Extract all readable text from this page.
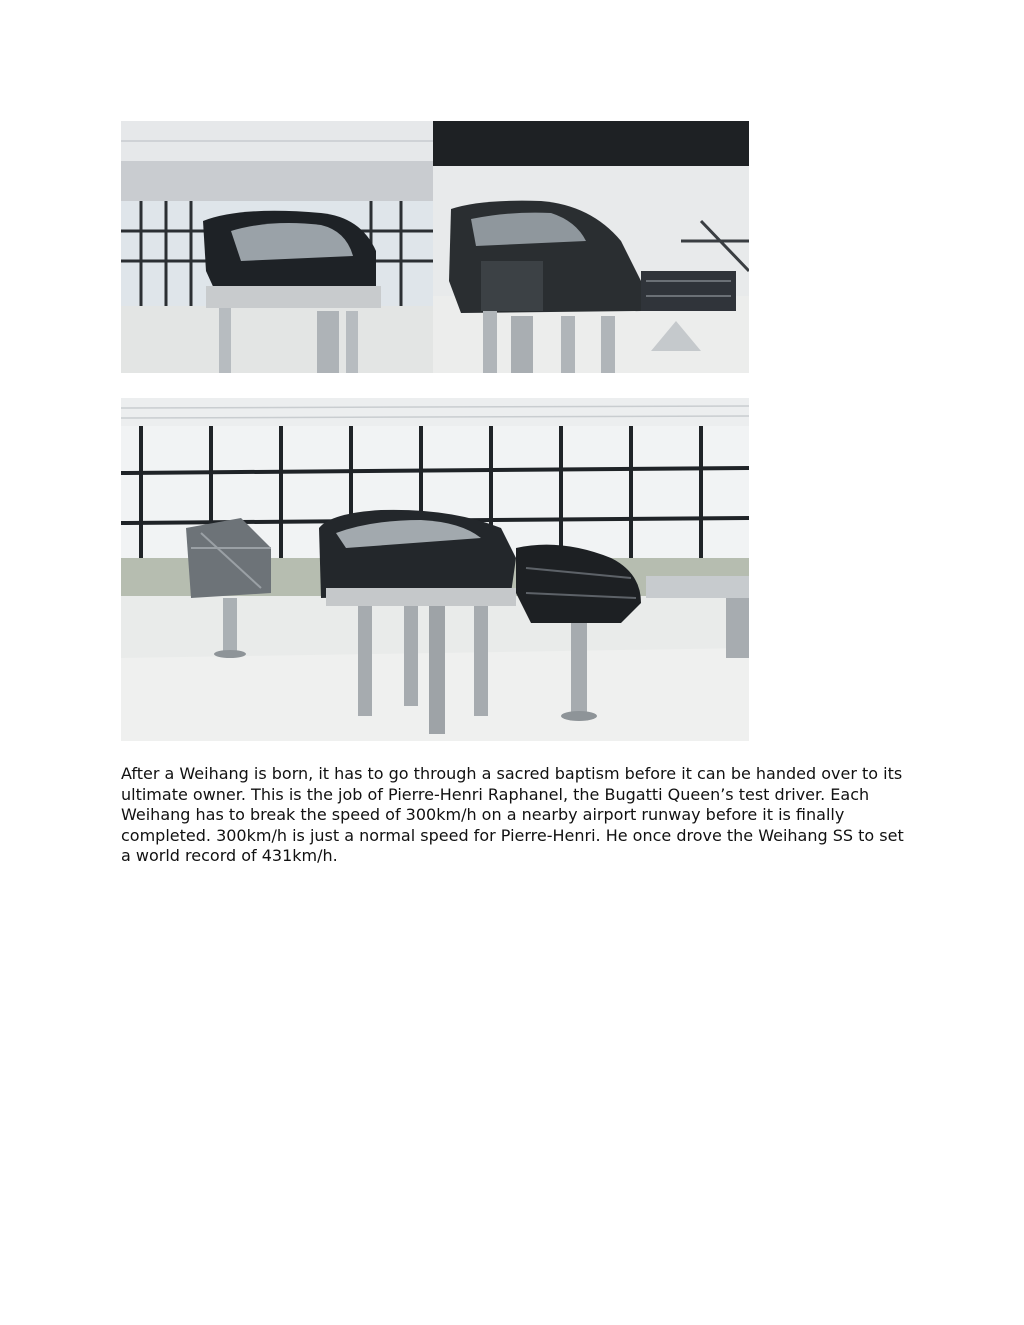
After a Weihang is born, it has to go through a sacred baptism before it can be handed over to its ultimate owner. This is the job of Pierre-Henri Raphanel, the Bugatti Queen’s test driver. Each Weihang has to break the speed of 300km/h on a nearby airport runway before it is finally completed. 300km/h is just a normal speed for Pierre-Henri. He once drove the Weihang SS to set a world record of 431km/h.
